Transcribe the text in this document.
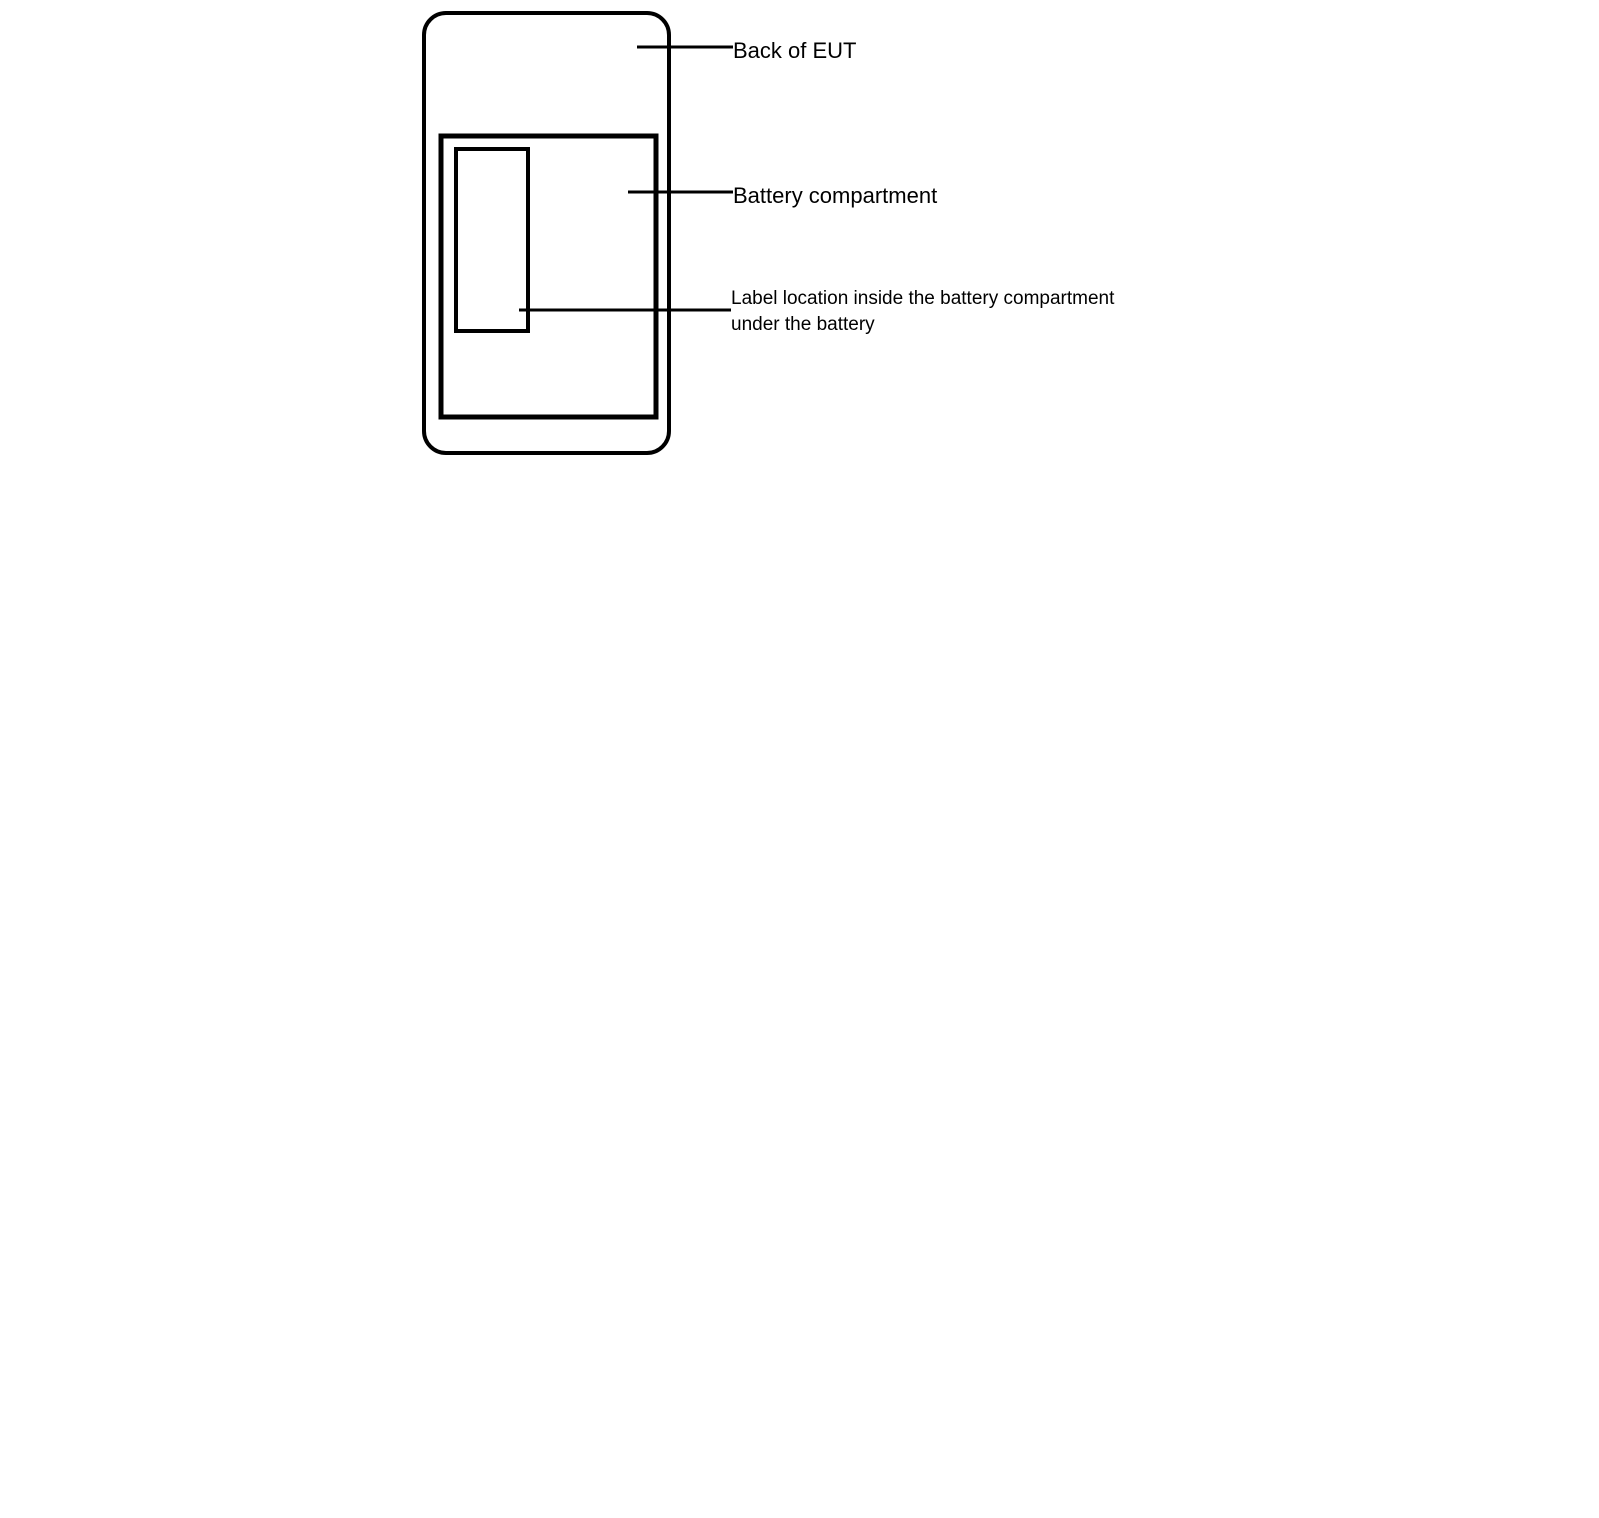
Back of EUT
Battery compartment
Label location inside the battery compartment
under the battery
